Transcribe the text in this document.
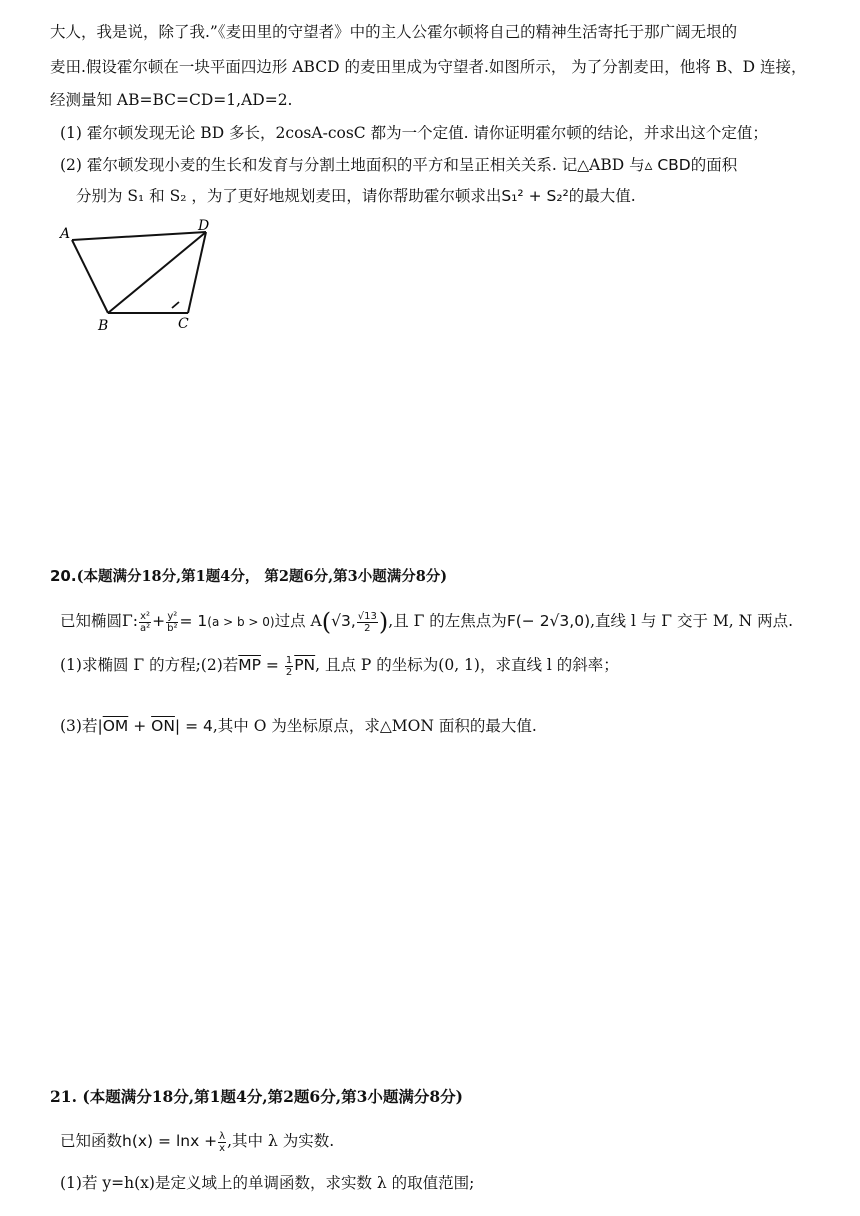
大人，我是说，除了我.”《麦田里的守望者》中的主人公霍尔顿将自己的精神生活寄托于那广阔无垠的
麦田.假设霍尔顿在一块平面四边形 ABCD 的麦田里成为守望者.如图所示， 为了分割麦田，他将 B、D 连接，
经测量知 AB=BC=CD=1,AD=2.
(1) 霍尔顿发现无论 BD 多长，2cosA-cosC 都为一个定值. 请你证明霍尔顿的结论，并求出这个定值；
(2) 霍尔顿发现小麦的生长和发育与分割土地面积的平方和呈正相关关系. 记△ABD 与▵ CBD的面积
分别为 S₁ 和 S₂ ，为了更好地规划麦田，请你帮助霍尔顿求出S₁² + S₂²的最大值.
A	D
B	C
20.(本题满分18分,第1题4分， 第2题6分,第3小题满分8分)
已知椭圆Γ: $\frac{\text{x²}}{\text{a²}} + \frac{\text{y²}}{\text{b²}} = 1(a > b > 0)$过点 A(√3, $\frac{√13}{2}$ ),且 Γ 的左焦点为F(− 2√3,0),直线 l 与 Γ 交于 M, N 两点.
(1)求椭圆 Γ 的方程;(2)若$\overline{MP} = \frac{1}{2} \overline{PN}$, 且点 P 的坐标为(0, 1)，求直线 l 的斜率；
(3)若$|\overline{OM} + \overline{ON}| = 4$,其中 O 为坐标原点，求△MON 面积的最大值.
21. (本题满分18分,第1题4分,第2题6分,第3小题满分8分)
已知函数$h(x) = \ln x + \frac{\lambda}{x}$ ,其中 λ 为实数.
(1)若 y=h(x)是定义域上的单调函数，求实数 λ 的取值范围;
